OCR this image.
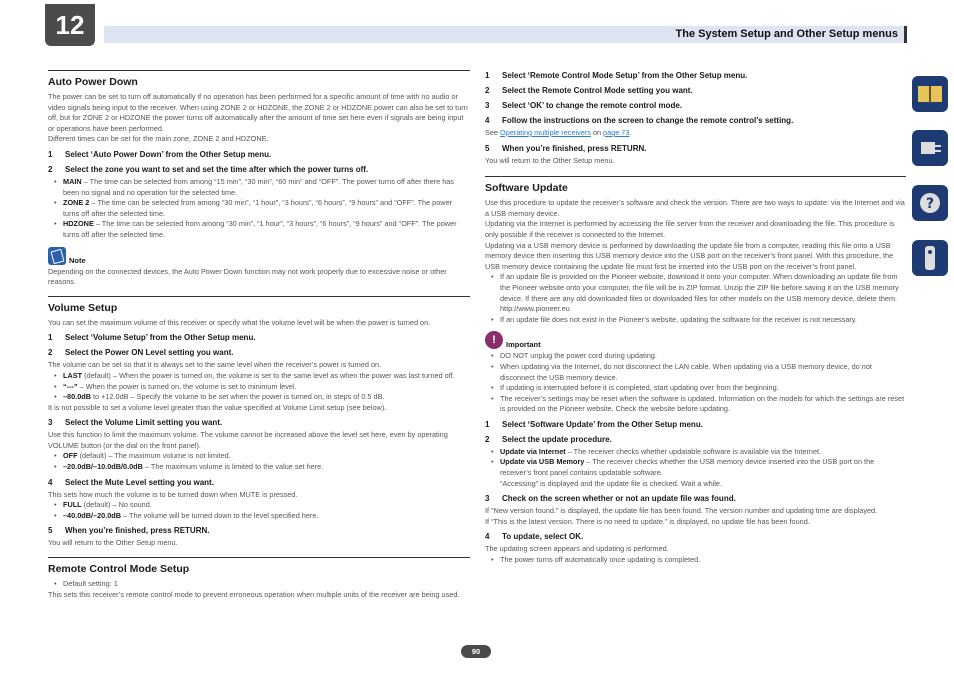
12	The System Setup and Other Setup menus
?
Auto Power Down
The power can be set to turn off automatically if no operation has been performed for a specific amount of time with no audio or video signals being input to the receiver. When using ZONE 2 or HDZONE, the ZONE 2 or HDZONE power can also be set to turn off, but for ZONE 2 or HDZONE the power turns off automatically after the amount of time set here even if signals are being input or operations have been performed.
Different times can be set for the main zone, ZONE 2 and HDZONE.
1	Select ‘Auto Power Down’ from the Other Setup menu.
2	Select the zone you want to set and set the time after which the power turns off.
• MAIN – The time can be selected from among “15 min”, “30 min”, “60 min” and “OFF”. The power turns off after there has been no signal and no operation for the selected time.
• ZONE 2 – The time can be selected from among “30 min”, “1 hour”, “3 hours”, “6 hours”, “9 hours” and “OFF”. The power turns off after the selected time.
• HDZONE – The time can be selected from among “30 min”, “1 hour”, “3 hours”, “6 hours”, “9 hours” and “OFF”. The power turns off after the selected time.
Note
Depending on the connected devices, the Auto Power Down function may not work properly due to excessive noise or other reasons.
Volume Setup
You can set the maximum volume of this receiver or specify what the volume level will be when the power is turned on.
1	Select ‘Volume Setup’ from the Other Setup menu.
2	Select the Power ON Level setting you want.
The volume can be set so that it is always set to the same level when the receiver’s power is turned on.
• LAST (default) – When the power is turned on, the volume is set to the same level as when the power was last turned off.
• “---” – When the power is turned on, the volume is set to minimum level.
• –80.0dB to +12.0dB – Specify the volume to be set when the power is turned on, in steps of 0.5 dB.
It is not possible to set a volume level greater than the value specified at Volume Limit setup (see below).
3	Select the Volume Limit setting you want.
Use this function to limit the maximum volume. The volume cannot be increased above the level set here, even by operating VOLUME button (or the dial on the front panel).
• OFF (default) – The maximum volume is not limited.
• –20.0dB/–10.0dB/0.0dB – The maximum volume is limited to the value set here.
4	Select the Mute Level setting you want.
This sets how much the volume is to be turned down when MUTE is pressed.
• FULL (default) – No sound.
• –40.0dB/–20.0dB – The volume will be turned down to the level specified here.
5	When you’re finished, press RETURN.
You will return to the Other Setup menu.
Remote Control Mode Setup
• Default setting: 1
This sets this receiver’s remote control mode to prevent erroneous operation when multiple units of the receiver are being used.
1	Select ‘Remote Control Mode Setup’ from the Other Setup menu.
2	Select the Remote Control Mode setting you want.
3	Select ‘OK’ to change the remote control mode.
4	Follow the instructions on the screen to change the remote control’s setting.
See Operating multiple receivers on page 73.
5	When you’re finished, press RETURN.
You will return to the Other Setup menu.
Software Update
Use this procedure to update the receiver’s software and check the version. There are two ways to update: via the Internet and via a USB memory device.
Updating via the Internet is performed by accessing the file server from the receiver and downloading the file. This procedure is only possible if the receiver is connected to the Internet.
Updating via a USB memory device is performed by downloading the update file from a computer, reading this file onto a USB memory device then inserting this USB memory device into the USB port on the receiver’s front panel. With this procedure, the USB memory device containing the update file must first be inserted into the USB port on the receiver’s front panel.
• If an update file is provided on the Pioneer website, download it onto your computer. When downloading an update file from the Pioneer website onto your computer, the file will be in ZIP format. Unzip the ZIP file before saving it on the USB memory device. If there are any old downloaded files or downloaded files for other models on the USB memory device, delete them.
http://www.pioneer.eu
• If an update file does not exist in the Pioneer’s website, updating the software for the receiver is not necessary.
!	Important
• DO NOT unplug the power cord during updating.
• When updating via the Internet, do not disconnect the LAN cable. When updating via a USB memory device, do not disconnect the USB memory device.
• If updating is interrupted before it is completed, start updating over from the beginning.
• The receiver’s settings may be reset when the software is updated. Information on the models for which the settings are reset is provided on the Pioneer website. Check the website before updating.
1	Select ‘Software Update’ from the Other Setup menu.
2	Select the update procedure.
• Update via Internet – The receiver checks whether updatable software is available via the Internet.
• Update via USB Memory – The receiver checks whether the USB memory device inserted into the USB port on the receiver’s front panel contains updatable software.
“Accessing” is displayed and the update file is checked. Wait a while.
3	Check on the screen whether or not an update file was found.
If “New version found.” is displayed, the update file has been found. The version number and updating time are displayed.
If “This is the latest version. There is no need to update.” is displayed, no update file has been found.
4	To update, select OK.
The updating screen appears and updating is performed.
• The power turns off automatically once updating is completed.
90
